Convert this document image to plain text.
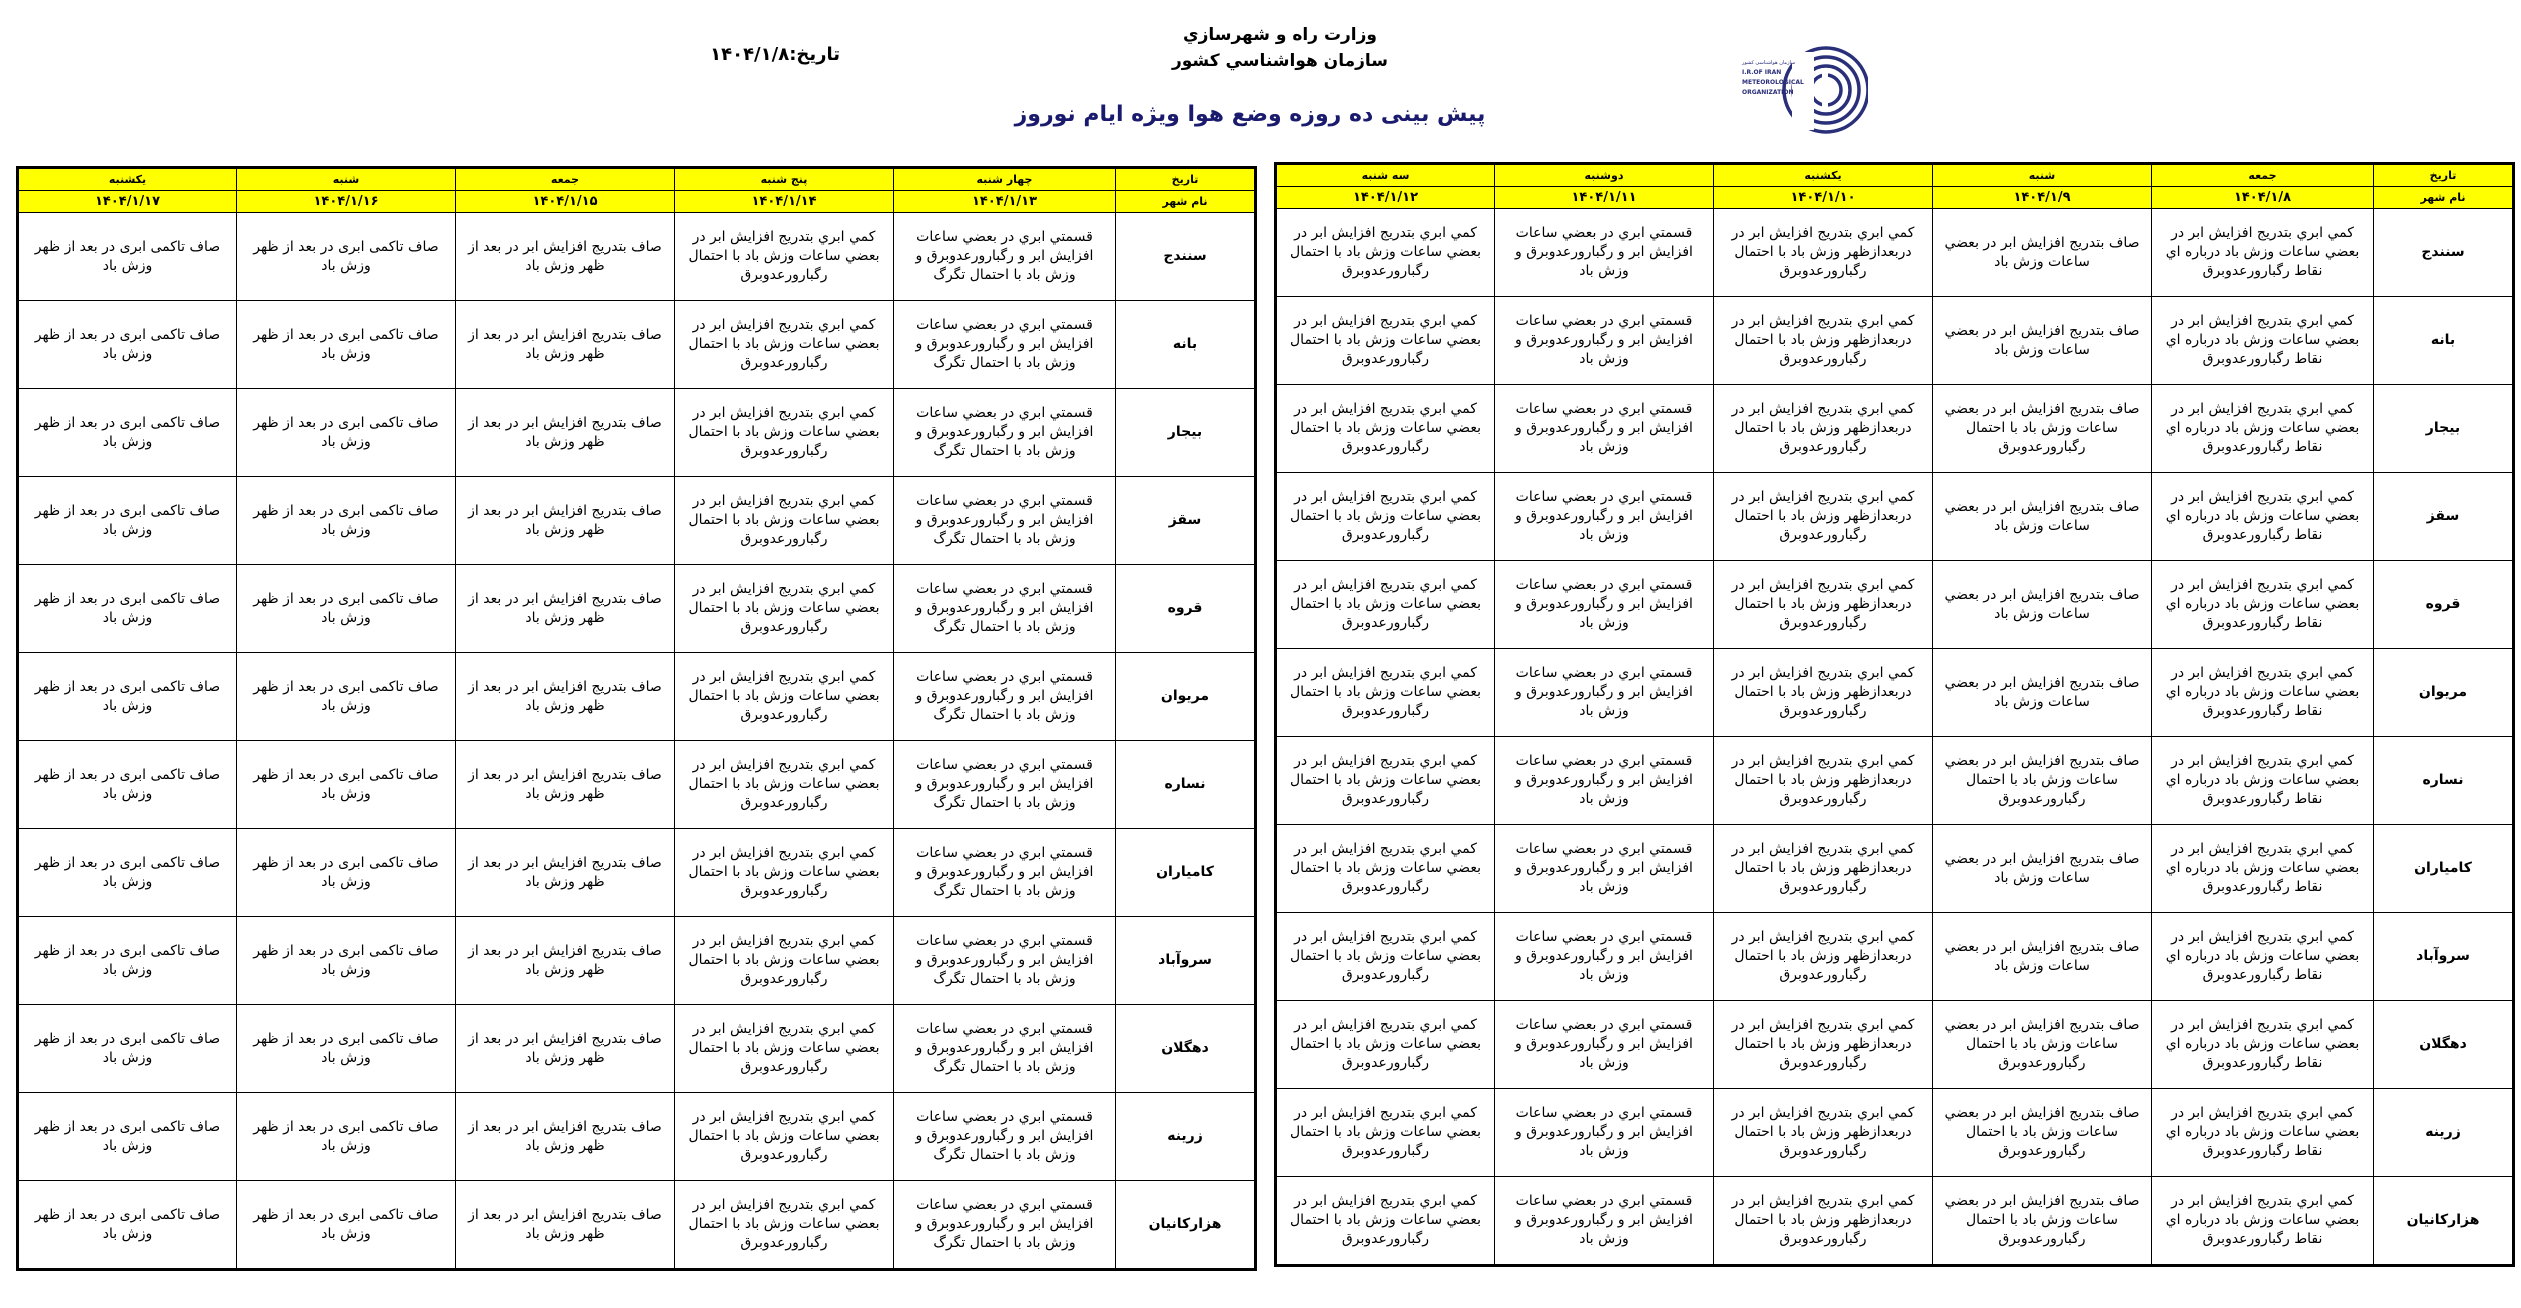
وزارت راه و شهرسازي
سازمان هواشناسي كشور
تاریخ:۱۴۰۴/۱/۸
پیش بینی ده روزه وضع هوا ویژه ایام نوروز
سازمان هواشناسی کشور
I.R.OF IRAN
METEOROLOGICAL
ORGANIZATION
تاریخ	جمعه	شنبه	یکشنبه	دوشنبه	سه شنبه
نام شهر	۱۴۰۴/۱/۸	۱۴۰۴/۱/۹	۱۴۰۴/۱/۱۰	۱۴۰۴/۱/۱۱	۱۴۰۴/۱/۱۲
سنندج	كمي ابري بتدريج افزايش ابر در بعضي ساعات وزش باد درباره اي نقاط رگبارورعدوبرق	صاف بتدريج افزايش ابر در بعضي ساعات وزش باد	كمي ابري بتدريج افزايش ابر در دربعدازظهر وزش باد با احتمال رگبارورعدوبرق	قسمتي ابري در بعضي ساعات افزايش ابر و رگبارورعدوبرق و وزش باد	كمي ابري بتدريج افزايش ابر در بعضي ساعات وزش باد با احتمال رگبارورعدوبرق
بانه	كمي ابري بتدريج افزايش ابر در بعضي ساعات وزش باد درباره اي نقاط رگبارورعدوبرق	صاف بتدريج افزايش ابر در بعضي ساعات وزش باد	كمي ابري بتدريج افزايش ابر در دربعدازظهر وزش باد با احتمال رگبارورعدوبرق	قسمتي ابري در بعضي ساعات افزايش ابر و رگبارورعدوبرق و وزش باد	كمي ابري بتدريج افزايش ابر در بعضي ساعات وزش باد با احتمال رگبارورعدوبرق
بیجار	كمي ابري بتدريج افزايش ابر در بعضي ساعات وزش باد درباره اي نقاط رگبارورعدوبرق	صاف بتدريج افزايش ابر در بعضي ساعات وزش باد با احتمال رگبارورعدوبرق	كمي ابري بتدريج افزايش ابر در دربعدازظهر وزش باد با احتمال رگبارورعدوبرق	قسمتي ابري در بعضي ساعات افزايش ابر و رگبارورعدوبرق و وزش باد	كمي ابري بتدريج افزايش ابر در بعضي ساعات وزش باد با احتمال رگبارورعدوبرق
سقز	كمي ابري بتدريج افزايش ابر در بعضي ساعات وزش باد درباره اي نقاط رگبارورعدوبرق	صاف بتدريج افزايش ابر در بعضي ساعات وزش باد	كمي ابري بتدريج افزايش ابر در دربعدازظهر وزش باد با احتمال رگبارورعدوبرق	قسمتي ابري در بعضي ساعات افزايش ابر و رگبارورعدوبرق و وزش باد	كمي ابري بتدريج افزايش ابر در بعضي ساعات وزش باد با احتمال رگبارورعدوبرق
قروه	كمي ابري بتدريج افزايش ابر در بعضي ساعات وزش باد درباره اي نقاط رگبارورعدوبرق	صاف بتدريج افزايش ابر در بعضي ساعات وزش باد	كمي ابري بتدريج افزايش ابر در دربعدازظهر وزش باد با احتمال رگبارورعدوبرق	قسمتي ابري در بعضي ساعات افزايش ابر و رگبارورعدوبرق و وزش باد	كمي ابري بتدريج افزايش ابر در بعضي ساعات وزش باد با احتمال رگبارورعدوبرق
مریوان	كمي ابري بتدريج افزايش ابر در بعضي ساعات وزش باد درباره اي نقاط رگبارورعدوبرق	صاف بتدريج افزايش ابر در بعضي ساعات وزش باد	كمي ابري بتدريج افزايش ابر در دربعدازظهر وزش باد با احتمال رگبارورعدوبرق	قسمتي ابري در بعضي ساعات افزايش ابر و رگبارورعدوبرق و وزش باد	كمي ابري بتدريج افزايش ابر در بعضي ساعات وزش باد با احتمال رگبارورعدوبرق
نساره	كمي ابري بتدريج افزايش ابر در بعضي ساعات وزش باد درباره اي نقاط رگبارورعدوبرق	صاف بتدريج افزايش ابر در بعضي ساعات وزش باد با احتمال رگبارورعدوبرق	كمي ابري بتدريج افزايش ابر در دربعدازظهر وزش باد با احتمال رگبارورعدوبرق	قسمتي ابري در بعضي ساعات افزايش ابر و رگبارورعدوبرق و وزش باد	كمي ابري بتدريج افزايش ابر در بعضي ساعات وزش باد با احتمال رگبارورعدوبرق
کامیاران	كمي ابري بتدريج افزايش ابر در بعضي ساعات وزش باد درباره اي نقاط رگبارورعدوبرق	صاف بتدريج افزايش ابر در بعضي ساعات وزش باد	كمي ابري بتدريج افزايش ابر در دربعدازظهر وزش باد با احتمال رگبارورعدوبرق	قسمتي ابري در بعضي ساعات افزايش ابر و رگبارورعدوبرق و وزش باد	كمي ابري بتدريج افزايش ابر در بعضي ساعات وزش باد با احتمال رگبارورعدوبرق
سروآباد	كمي ابري بتدريج افزايش ابر در بعضي ساعات وزش باد درباره اي نقاط رگبارورعدوبرق	صاف بتدريج افزايش ابر در بعضي ساعات وزش باد	كمي ابري بتدريج افزايش ابر در دربعدازظهر وزش باد با احتمال رگبارورعدوبرق	قسمتي ابري در بعضي ساعات افزايش ابر و رگبارورعدوبرق و وزش باد	كمي ابري بتدريج افزايش ابر در بعضي ساعات وزش باد با احتمال رگبارورعدوبرق
دهگلان	كمي ابري بتدريج افزايش ابر در بعضي ساعات وزش باد درباره اي نقاط رگبارورعدوبرق	صاف بتدريج افزايش ابر در بعضي ساعات وزش باد با احتمال رگبارورعدوبرق	كمي ابري بتدريج افزايش ابر در دربعدازظهر وزش باد با احتمال رگبارورعدوبرق	قسمتي ابري در بعضي ساعات افزايش ابر و رگبارورعدوبرق و وزش باد	كمي ابري بتدريج افزايش ابر در بعضي ساعات وزش باد با احتمال رگبارورعدوبرق
زرینه	كمي ابري بتدريج افزايش ابر در بعضي ساعات وزش باد درباره اي نقاط رگبارورعدوبرق	صاف بتدريج افزايش ابر در بعضي ساعات وزش باد با احتمال رگبارورعدوبرق	كمي ابري بتدريج افزايش ابر در دربعدازظهر وزش باد با احتمال رگبارورعدوبرق	قسمتي ابري در بعضي ساعات افزايش ابر و رگبارورعدوبرق و وزش باد	كمي ابري بتدريج افزايش ابر در بعضي ساعات وزش باد با احتمال رگبارورعدوبرق
هزارکانیان	كمي ابري بتدريج افزايش ابر در بعضي ساعات وزش باد درباره اي نقاط رگبارورعدوبرق	صاف بتدريج افزايش ابر در بعضي ساعات وزش باد با احتمال رگبارورعدوبرق	كمي ابري بتدريج افزايش ابر در دربعدازظهر وزش باد با احتمال رگبارورعدوبرق	قسمتي ابري در بعضي ساعات افزايش ابر و رگبارورعدوبرق و وزش باد	كمي ابري بتدريج افزايش ابر در بعضي ساعات وزش باد با احتمال رگبارورعدوبرق
تاریخ	چهار شنبه	پنج شنبه	جمعه	شنبه	یکشنبه
نام شهر	۱۴۰۴/۱/۱۳	۱۴۰۴/۱/۱۴	۱۴۰۴/۱/۱۵	۱۴۰۴/۱/۱۶	۱۴۰۴/۱/۱۷
سنندج	قسمتي ابري در بعضي ساعات افزايش ابر و رگبارورعدوبرق و وزش باد با احتمال تگرگ	كمي ابري بتدريج افزايش ابر در بعضي ساعات وزش باد با احتمال رگبارورعدوبرق	صاف بتدريج افزايش ابر در بعد از ظهر وزش باد	صاف تاکمی ابری در بعد از ظهر وزش باد	صاف تاکمی ابری در بعد از ظهر وزش باد
بانه	قسمتي ابري در بعضي ساعات افزايش ابر و رگبارورعدوبرق و وزش باد با احتمال تگرگ	كمي ابري بتدريج افزايش ابر در بعضي ساعات وزش باد با احتمال رگبارورعدوبرق	صاف بتدريج افزايش ابر در بعد از ظهر وزش باد	صاف تاکمی ابری در بعد از ظهر وزش باد	صاف تاکمی ابری در بعد از ظهر وزش باد
بیجار	قسمتي ابري در بعضي ساعات افزايش ابر و رگبارورعدوبرق و وزش باد با احتمال تگرگ	كمي ابري بتدريج افزايش ابر در بعضي ساعات وزش باد با احتمال رگبارورعدوبرق	صاف بتدريج افزايش ابر در بعد از ظهر وزش باد	صاف تاکمی ابری در بعد از ظهر وزش باد	صاف تاکمی ابری در بعد از ظهر وزش باد
سقز	قسمتي ابري در بعضي ساعات افزايش ابر و رگبارورعدوبرق و وزش باد با احتمال تگرگ	كمي ابري بتدريج افزايش ابر در بعضي ساعات وزش باد با احتمال رگبارورعدوبرق	صاف بتدريج افزايش ابر در بعد از ظهر وزش باد	صاف تاکمی ابری در بعد از ظهر وزش باد	صاف تاکمی ابری در بعد از ظهر وزش باد
قروه	قسمتي ابري در بعضي ساعات افزايش ابر و رگبارورعدوبرق و وزش باد با احتمال تگرگ	كمي ابري بتدريج افزايش ابر در بعضي ساعات وزش باد با احتمال رگبارورعدوبرق	صاف بتدريج افزايش ابر در بعد از ظهر وزش باد	صاف تاکمی ابری در بعد از ظهر وزش باد	صاف تاکمی ابری در بعد از ظهر وزش باد
مریوان	قسمتي ابري در بعضي ساعات افزايش ابر و رگبارورعدوبرق و وزش باد با احتمال تگرگ	كمي ابري بتدريج افزايش ابر در بعضي ساعات وزش باد با احتمال رگبارورعدوبرق	صاف بتدريج افزايش ابر در بعد از ظهر وزش باد	صاف تاکمی ابری در بعد از ظهر وزش باد	صاف تاکمی ابری در بعد از ظهر وزش باد
نساره	قسمتي ابري در بعضي ساعات افزايش ابر و رگبارورعدوبرق و وزش باد با احتمال تگرگ	كمي ابري بتدريج افزايش ابر در بعضي ساعات وزش باد با احتمال رگبارورعدوبرق	صاف بتدريج افزايش ابر در بعد از ظهر وزش باد	صاف تاکمی ابری در بعد از ظهر وزش باد	صاف تاکمی ابری در بعد از ظهر وزش باد
کامیاران	قسمتي ابري در بعضي ساعات افزايش ابر و رگبارورعدوبرق و وزش باد با احتمال تگرگ	كمي ابري بتدريج افزايش ابر در بعضي ساعات وزش باد با احتمال رگبارورعدوبرق	صاف بتدريج افزايش ابر در بعد از ظهر وزش باد	صاف تاکمی ابری در بعد از ظهر وزش باد	صاف تاکمی ابری در بعد از ظهر وزش باد
سروآباد	قسمتي ابري در بعضي ساعات افزايش ابر و رگبارورعدوبرق و وزش باد با احتمال تگرگ	كمي ابري بتدريج افزايش ابر در بعضي ساعات وزش باد با احتمال رگبارورعدوبرق	صاف بتدريج افزايش ابر در بعد از ظهر وزش باد	صاف تاکمی ابری در بعد از ظهر وزش باد	صاف تاکمی ابری در بعد از ظهر وزش باد
دهگلان	قسمتي ابري در بعضي ساعات افزايش ابر و رگبارورعدوبرق و وزش باد با احتمال تگرگ	كمي ابري بتدريج افزايش ابر در بعضي ساعات وزش باد با احتمال رگبارورعدوبرق	صاف بتدريج افزايش ابر در بعد از ظهر وزش باد	صاف تاکمی ابری در بعد از ظهر وزش باد	صاف تاکمی ابری در بعد از ظهر وزش باد
زرینه	قسمتي ابري در بعضي ساعات افزايش ابر و رگبارورعدوبرق و وزش باد با احتمال تگرگ	كمي ابري بتدريج افزايش ابر در بعضي ساعات وزش باد با احتمال رگبارورعدوبرق	صاف بتدريج افزايش ابر در بعد از ظهر وزش باد	صاف تاکمی ابری در بعد از ظهر وزش باد	صاف تاکمی ابری در بعد از ظهر وزش باد
هزارکانیان	قسمتي ابري در بعضي ساعات افزايش ابر و رگبارورعدوبرق و وزش باد با احتمال تگرگ	كمي ابري بتدريج افزايش ابر در بعضي ساعات وزش باد با احتمال رگبارورعدوبرق	صاف بتدريج افزايش ابر در بعد از ظهر وزش باد	صاف تاکمی ابری در بعد از ظهر وزش باد	صاف تاکمی ابری در بعد از ظهر وزش باد
